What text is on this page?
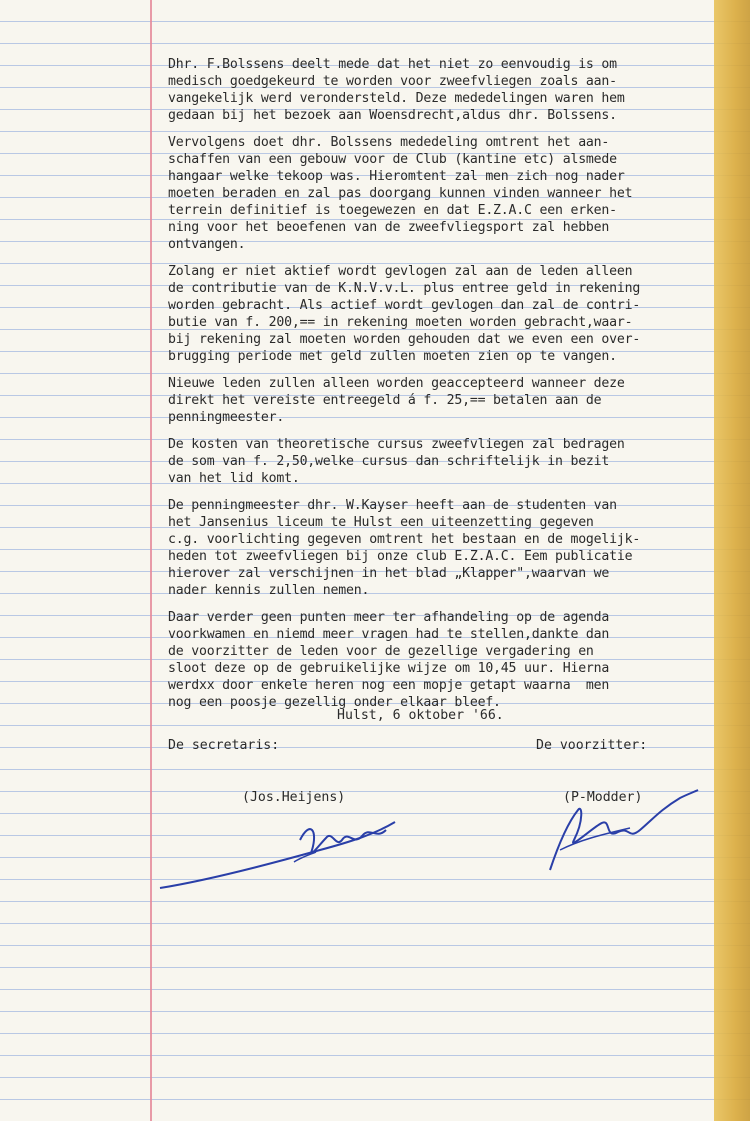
Dhr. F.Bolssens deelt mede dat het niet zo eenvoudig is om
medisch goedgekeurd te worden voor zweefvliegen zoals aan-
vangekelijk werd verondersteld. Deze mededelingen waren hem
gedaan bij het bezoek aan Woensdrecht,aldus dhr. Bolssens.

Vervolgens doet dhr. Bolssens mededeling omtrent het aan-
schaffen van een gebouw voor de Club (kantine etc) alsmede
hangaar welke tekoop was. Hieromtent zal men zich nog nader
moeten beraden en zal pas doorgang kunnen vinden wanneer het
terrein definitief is toegewezen en dat E.Z.A.C een erken-
ning voor het beoefenen van de zweefvliegsport zal hebben
ontvangen.

Zolang er niet aktief wordt gevlogen zal aan de leden alleen
de contributie van de K.N.V.v.L. plus entree geld in rekening
worden gebracht. Als actief wordt gevlogen dan zal de contri-
butie van f. 200,== in rekening moeten worden gebracht,waar-
bij rekening zal moeten worden gehouden dat we even een over-
brugging periode met geld zullen moeten zien op te vangen.

Nieuwe leden zullen alleen worden geaccepteerd wanneer deze
direkt het vereiste entreegeld á f. 25,== betalen aan de
penningmeester.

De kosten van theoretische cursus zweefvliegen zal bedragen
de som van f. 2,50,welke cursus dan schriftelijk in bezit
van het lid komt.

De penningmeester dhr. W.Kayser heeft aan de studenten van
het Jansenius liceum te Hulst een uiteenzetting gegeven
c.g. voorlichting gegeven omtrent het bestaan en de mogelijk-
heden tot zweefvliegen bij onze club E.Z.A.C. Eem publicatie
hierover zal verschijnen in het blad „Klapper",waarvan we
nader kennis zullen nemen.

Daar verder geen punten meer ter afhandeling op de agenda
voorkwamen en niemd meer vragen had te stellen,dankte dan
de voorzitter de leden voor de gezellige vergadering en
sloot deze op de gebruikelijke wijze om 10,45 uur. Hierna
werdxx door enkele heren nog een mopje getapt waarna  men
nog een poosje gezellig onder elkaar bleef.

Hulst, 6 oktober '66.
De secretaris:	De voorzitter:
(Jos.Heijens)	(P-Modder)
